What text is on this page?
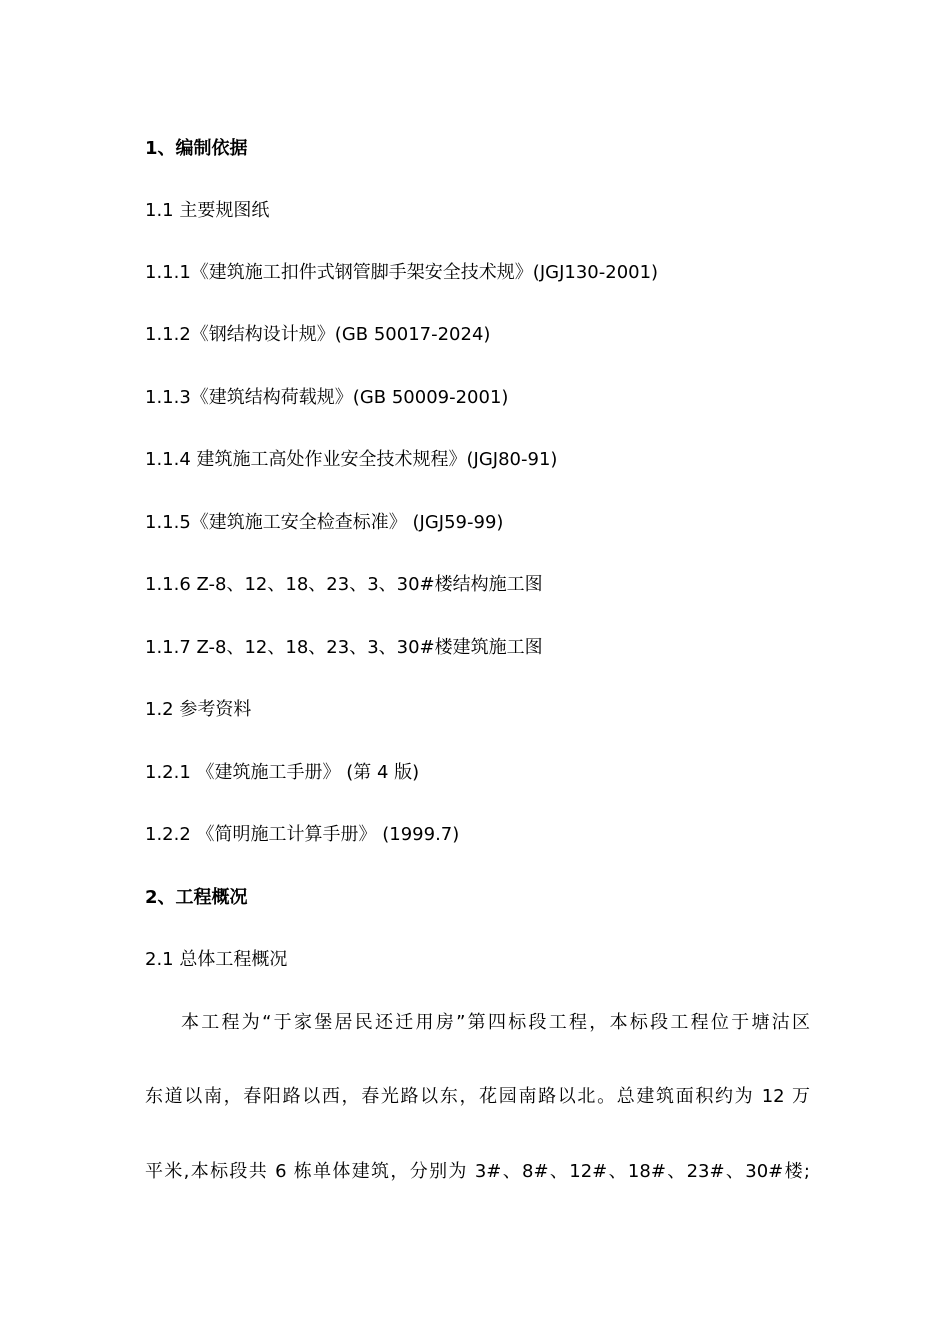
1、编制依据
1.1 主要规图纸
1.1.1《建筑施工扣件式钢管脚手架安全技术规》(JGJ130-2001)
1.1.2《钢结构设计规》(GB 50017-2024)
1.1.3《建筑结构荷载规》(GB 50009-2001)
1.1.4 建筑施工高处作业安全技术规程》(JGJ80-91)
1.1.5《建筑施工安全检查标准》 (JGJ59-99)
1.1.6 Z-8、12、18、23、3、30#楼结构施工图
1.1.7 Z-8、12、18、23、3、30#楼建筑施工图
1.2 参考资料
1.2.1 《建筑施工手册》 (第 4 版)
1.2.2 《简明施工计算手册》 (1999.7)
2、工程概况
2.1 总体工程概况
本工程为“于家堡居民还迁用房”第四标段工程，本标段工程位于塘沽区
东道以南，春阳路以西，春光路以东，花园南路以北。总建筑面积约为 12 万
平米,本标段共 6 栋单体建筑，分别为 3#、8#、12#、18#、23#、30#楼;
